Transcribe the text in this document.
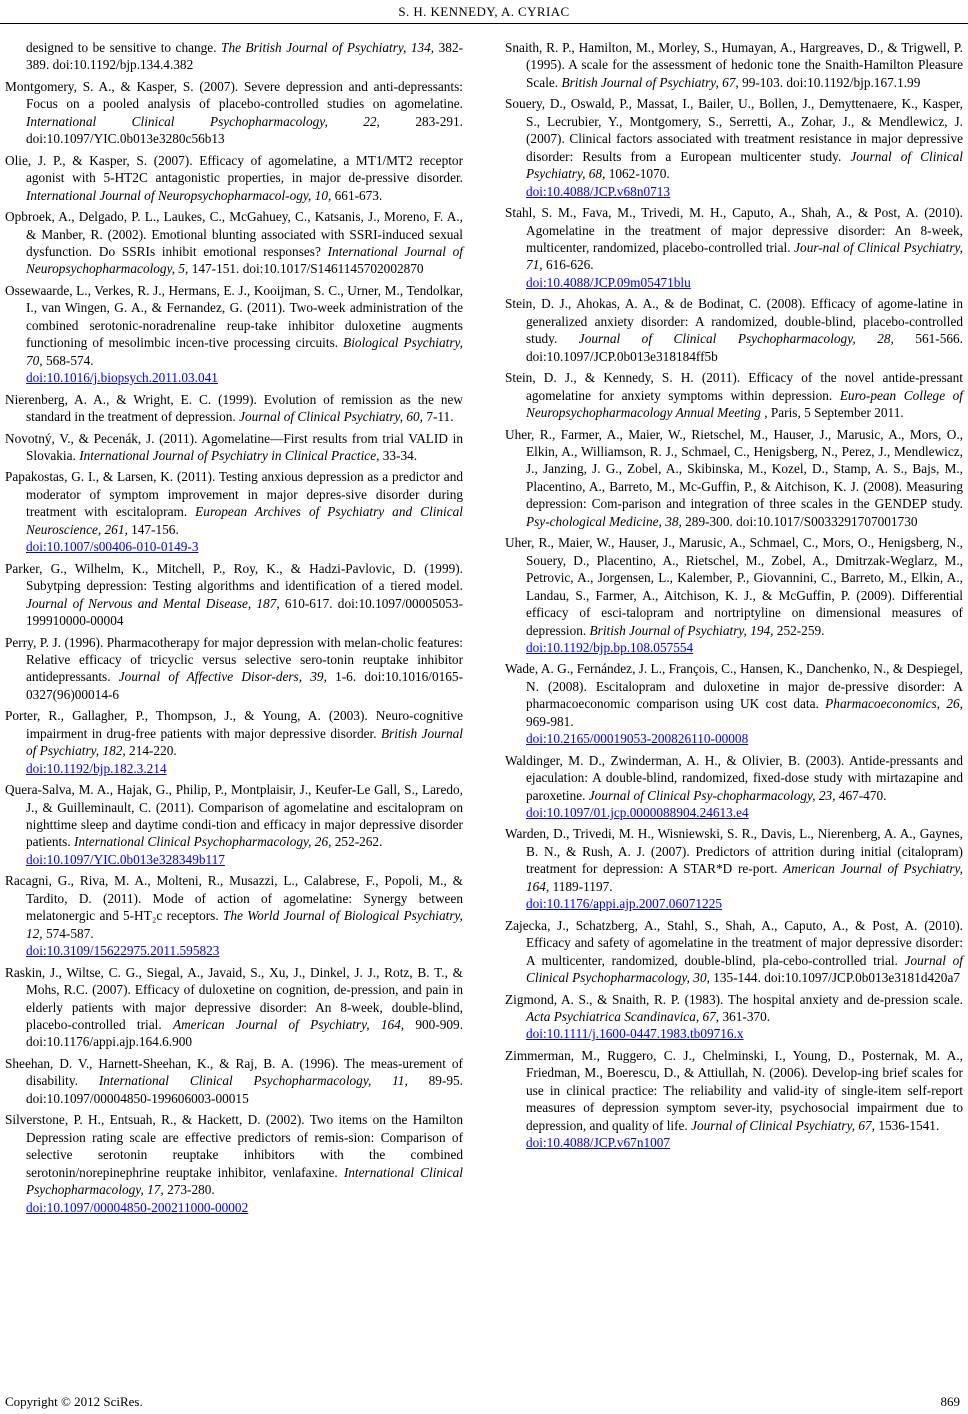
S. H. KENNEDY, A. CYRIAC

designed to be sensitive to change. The British Journal of Psychiatry, 134, 382-389. doi:10.1192/bjp.134.4.382

Montgomery, S. A., & Kasper, S. (2007). Severe depression and anti-depressants: Focus on a pooled analysis of placebo-controlled studies on agomelatine. International Clinical Psychopharmacology, 22,	283-291. doi:10.1097/YIC.0b013e3280c56b13

Olie, J. P., & Kasper, S. (2007). Efficacy of agomelatine, a MT1/MT2 receptor agonist with 5-HT2C antagonistic properties, in major de-pressive disorder. International Journal of Neuropsychopharmacol-ogy, 10, 661-673.

Opbroek, A., Delgado, P. L., Laukes, C., McGahuey, C., Katsanis, J., Moreno, F. A., & Manber, R. (2002). Emotional blunting associated with SSRI-induced sexual dysfunction. Do SSRIs inhibit emotional responses? International Journal of Neuropsychopharmacology, 5, 147-151. doi:10.1017/S1461145702002870

Ossewaarde, L., Verkes, R. J., Hermans, E. J., Kooijman, S. C., Urner, M., Tendolkar, I., van Wingen, G. A., & Fernandez, G. (2011). Two-week administration of the combined serotonic-noradrenaline reup-take inhibitor duloxetine augments functioning of mesolimbic incen-tive processing circuits. Biological Psychiatry, 70, 568-574.
doi:10.1016/j.biopsych.2011.03.041

Nierenberg, A. A., & Wright, E. C. (1999). Evolution of remission as the new standard in the treatment of depression. Journal of Clinical Psychiatry, 60, 7-11.

Novotný, V., & Pecenák, J. (2011). Agomelatine—First results from trial VALID in Slovakia. International Journal of Psychiatry in Clinical Practice, 33-34.

Papakostas, G. I., & Larsen, K. (2011). Testing anxious depression as a predictor and moderator of symptom improvement in major depres-sive disorder during treatment with escitalopram. European Archives of Psychiatry and Clinical Neuroscience, 261, 147-156.
doi:10.1007/s00406-010-0149-3

Parker, G., Wilhelm, K., Mitchell, P., Roy, K., & Hadzi-Pavlovic, D. (1999). Subytping depression: Testing algorithms and identification of a tiered model. Journal of Nervous and Mental Disease, 187, 610-617. doi:10.1097/00005053-199910000-00004

Perry, P. J. (1996). Pharmacotherapy for major depression with melan-cholic features: Relative efficacy of tricyclic versus selective sero-tonin reuptake inhibitor antidepressants. Journal of Affective Disor-ders, 39, 1-6. doi:10.1016/0165-0327(96)00014-6

Porter, R., Gallagher, P., Thompson, J., & Young, A. (2003). Neuro-cognitive impairment in drug-free patients with major depressive disorder. British Journal of Psychiatry, 182, 214-220.
doi:10.1192/bjp.182.3.214

Quera-Salva, M. A., Hajak, G., Philip, P., Montplaisir, J., Keufer-Le Gall, S., Laredo, J., & Guilleminault, C. (2011). Comparison of agomelatine and escitalopram on nighttime sleep and daytime condi-tion and efficacy in major depressive disorder patients. International Clinical Psychopharmacology, 26, 252-262.
doi:10.1097/YIC.0b013e328349b117

Racagni, G., Riva, M. A., Molteni, R., Musazzi, L., Calabrese, F., Popoli, M., & Tardito, D. (2011). Mode of action of agomelatine: Synergy between melatonergic and 5-HT₂c receptors. The World Journal of Biological Psychiatry, 12, 574-587.
doi:10.3109/15622975.2011.595823

Raskin, J., Wiltse, C. G., Siegal, A., Javaid, S., Xu, J., Dinkel, J. J., Rotz, B. T., & Mohs, R.C. (2007). Efficacy of duloxetine on cognition, de-pression, and pain in elderly patients with major depressive disorder: An 8-week, double-blind, placebo-controlled trial. American Journal of Psychiatry, 164, 900-909. doi:10.1176/appi.ajp.164.6.900

Sheehan, D. V., Harnett-Sheehan, K., & Raj, B. A. (1996). The meas-urement of disability. International Clinical Psychopharmacology, 11, 89-95. doi:10.1097/00004850-199606003-00015

Silverstone, P. H., Entsuah, R., & Hackett, D. (2002). Two items on the Hamilton Depression rating scale are effective predictors of remis-sion: Comparison of selective serotonin reuptake inhibitors with the combined serotonin/norepinephrine reuptake inhibitor, venlafaxine. International Clinical Psychopharmacology, 17, 273-280.
doi:10.1097/00004850-200211000-00002

Snaith, R. P., Hamilton, M., Morley, S., Humayan, A., Hargreaves, D., & Trigwell, P. (1995). A scale for the assessment of hedonic tone the Snaith-Hamilton Pleasure Scale. British Journal of Psychiatry, 67, 99-103. doi:10.1192/bjp.167.1.99

Souery, D., Oswald, P., Massat, I., Bailer, U., Bollen, J., Demyttenaere, K., Kasper, S., Lecrubier, Y., Montgomery, S., Serretti, A., Zohar, J., & Mendlewicz, J. (2007). Clinical factors associated with treatment resistance in major depressive disorder: Results from a European multicenter study. Journal of Clinical Psychiatry, 68, 1062-1070.
doi:10.4088/JCP.v68n0713

Stahl, S. M., Fava, M., Trivedi, M. H., Caputo, A., Shah, A., & Post, A. (2010). Agomelatine in the treatment of major depressive disorder: An 8-week, multicenter, randomized, placebo-controlled trial. Jour-nal of Clinical Psychiatry, 71, 616-626.
doi:10.4088/JCP.09m05471blu

Stein, D. J., Ahokas, A. A., & de Bodinat, C. (2008). Efficacy of agome-latine in generalized anxiety disorder: A randomized, double-blind, placebo-controlled study. Journal of Clinical Psychopharmacology, 28, 561-566. doi:10.1097/JCP.0b013e318184ff5b

Stein, D. J., & Kennedy, S. H. (2011). Efficacy of the novel antide-pressant agomelatine for anxiety symptoms within depression. Euro-pean College of Neuropsychopharmacology Annual Meeting , Paris, 5 September 2011.

Uher, R., Farmer, A., Maier, W., Rietschel, M., Hauser, J., Marusic, A., Mors, O., Elkin, A., Williamson, R. J., Schmael, C., Henigsberg, N., Perez, J., Mendlewicz, J., Janzing, J. G., Zobel, A., Skibinska, M., Kozel, D., Stamp, A. S., Bajs, M., Placentino, A., Barreto, M., Mc-Guffin, P., & Aitchison, K. J. (2008). Measuring depression: Com-parison and integration of three scales in the GENDEP study. Psy-chological Medicine, 38, 289-300. doi:10.1017/S0033291707001730

Uher, R., Maier, W., Hauser, J., Marusic, A., Schmael, C., Mors, O., Henigsberg, N., Souery, D., Placentino, A., Rietschel, M., Zobel, A., Dmitrzak-Weglarz, M., Petrovic, A., Jorgensen, L., Kalember, P., Giovannini, C., Barreto, M., Elkin, A., Landau, S., Farmer, A., Aitchison, K. J., & McGuffin, P. (2009). Differential efficacy of esci-talopram and nortriptyline on dimensional measures of depression. British Journal of Psychiatry, 194, 252-259.
doi:10.1192/bjp.bp.108.057554

Wade, A. G., Fernández, J. L., François, C., Hansen, K., Danchenko, N., & Despiegel, N. (2008). Escitalopram and duloxetine in major de-pressive disorder: A pharmacoeconomic comparison using UK cost data. Pharmacoeconomics, 26, 969-981.
doi:10.2165/00019053-200826110-00008

Waldinger, M. D., Zwinderman, A. H., & Olivier, B. (2003). Antide-pressants and ejaculation: A double-blind, randomized, fixed-dose study with mirtazapine and paroxetine. Journal of Clinical Psy-chopharmacology, 23, 467-470.
doi:10.1097/01.jcp.0000088904.24613.e4

Warden, D., Trivedi, M. H., Wisniewski, S. R., Davis, L., Nierenberg, A. A., Gaynes, B. N., & Rush, A. J. (2007). Predictors of attrition during initial (citalopram) treatment for depression: A STAR*D re-port. American Journal of Psychiatry, 164, 1189-1197.
doi:10.1176/appi.ajp.2007.06071225

Zajecka, J., Schatzberg, A., Stahl, S., Shah, A., Caputo, A., & Post, A. (2010). Efficacy and safety of agomelatine in the treatment of major depressive disorder: A multicenter, randomized, double-blind, pla-cebo-controlled trial. Journal of Clinical Psychopharmacology, 30, 135-144. doi:10.1097/JCP.0b013e3181d420a7

Zigmond, A. S., & Snaith, R. P. (1983). The hospital anxiety and de-pression scale. Acta Psychiatrica Scandinavica, 67, 361-370.
doi:10.1111/j.1600-0447.1983.tb09716.x

Zimmerman, M., Ruggero, C. J., Chelminski, I., Young, D., Posternak, M. A., Friedman, M., Boerescu, D., & Attiullah, N. (2006). Develop-ing brief scales for use in clinical practice: The reliability and valid-ity of single-item self-report measures of depression symptom sever-ity, psychosocial impairment due to depression, and quality of life. Journal of Clinical Psychiatry, 67, 1536-1541.
doi:10.4088/JCP.v67n1007

Copyright © 2012 SciRes.	869
